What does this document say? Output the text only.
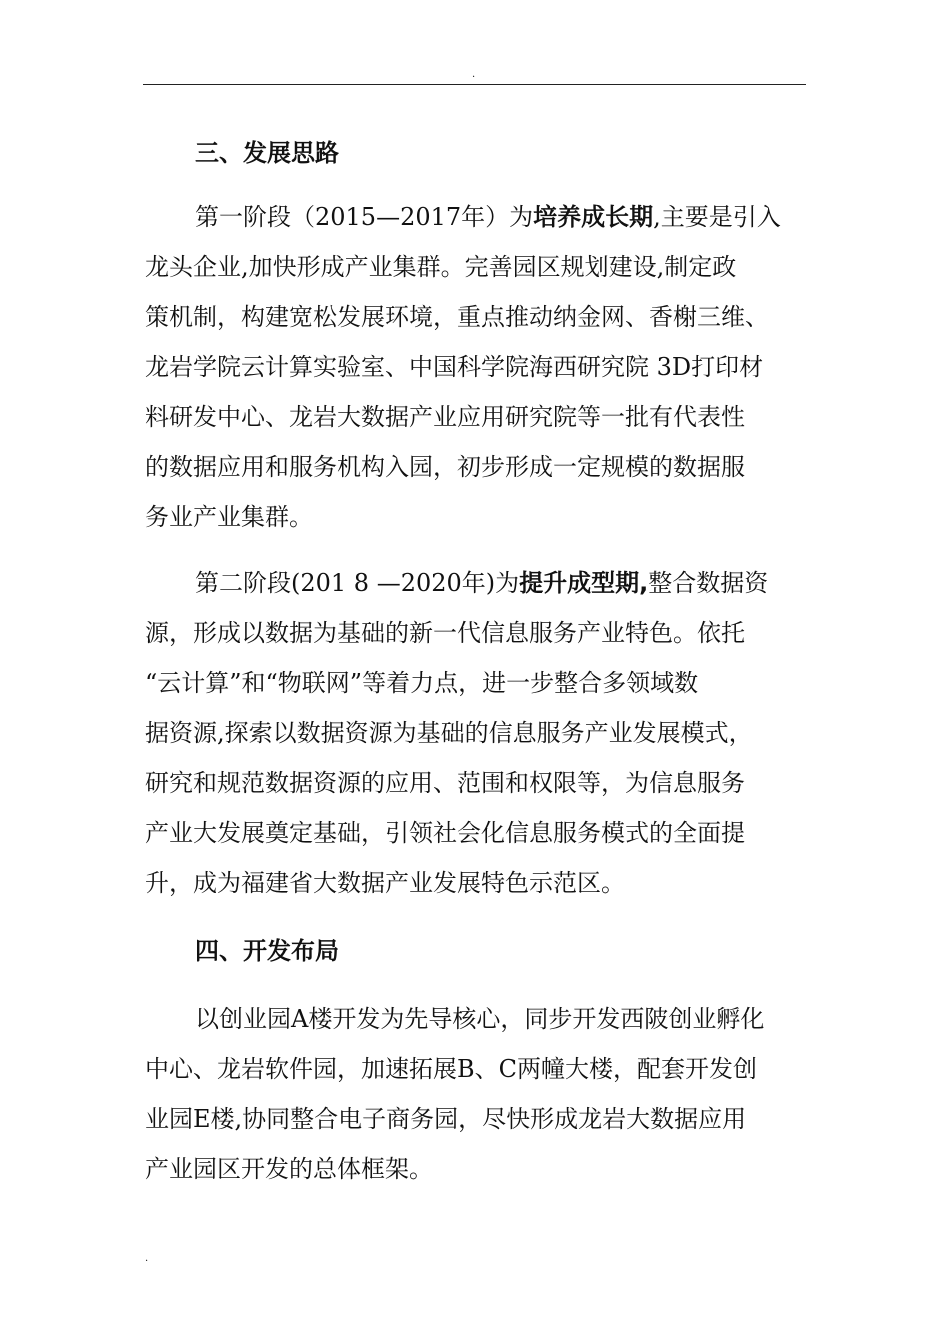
.
三、发展思路

第一阶段（2015—2017年）为培养成长期,主要是引入

龙头企业,加快形成产业集群。完善园区规划建设,制定政

策机制，构建宽松发展环境，重点推动纳金网、香榭三维、

龙岩学院云计算实验室、中国科学院海西研究院 3D打印材

料研发中心、龙岩大数据产业应用研究院等一批有代表性

的数据应用和服务机构入园，初步形成一定规模的数据服

务业产业集群。

第二阶段(201 8 —2020年)为提升成型期,整合数据资

源，形成以数据为基础的新一代信息服务产业特色。依托

“云计算”和“物联网”等着力点，进一步整合多领域数

据资源,探索以数据资源为基础的信息服务产业发展模式，

研究和规范数据资源的应用、范围和权限等，为信息服务

产业大发展奠定基础，引领社会化信息服务模式的全面提

升，成为福建省大数据产业发展特色示范区。

四、开发布局

以创业园A楼开发为先导核心，同步开发西陂创业孵化

中心、龙岩软件园，加速拓展B、C两幢大楼，配套开发创

业园E楼,协同整合电子商务园，尽快形成龙岩大数据应用

产业园区开发的总体框架。

.
